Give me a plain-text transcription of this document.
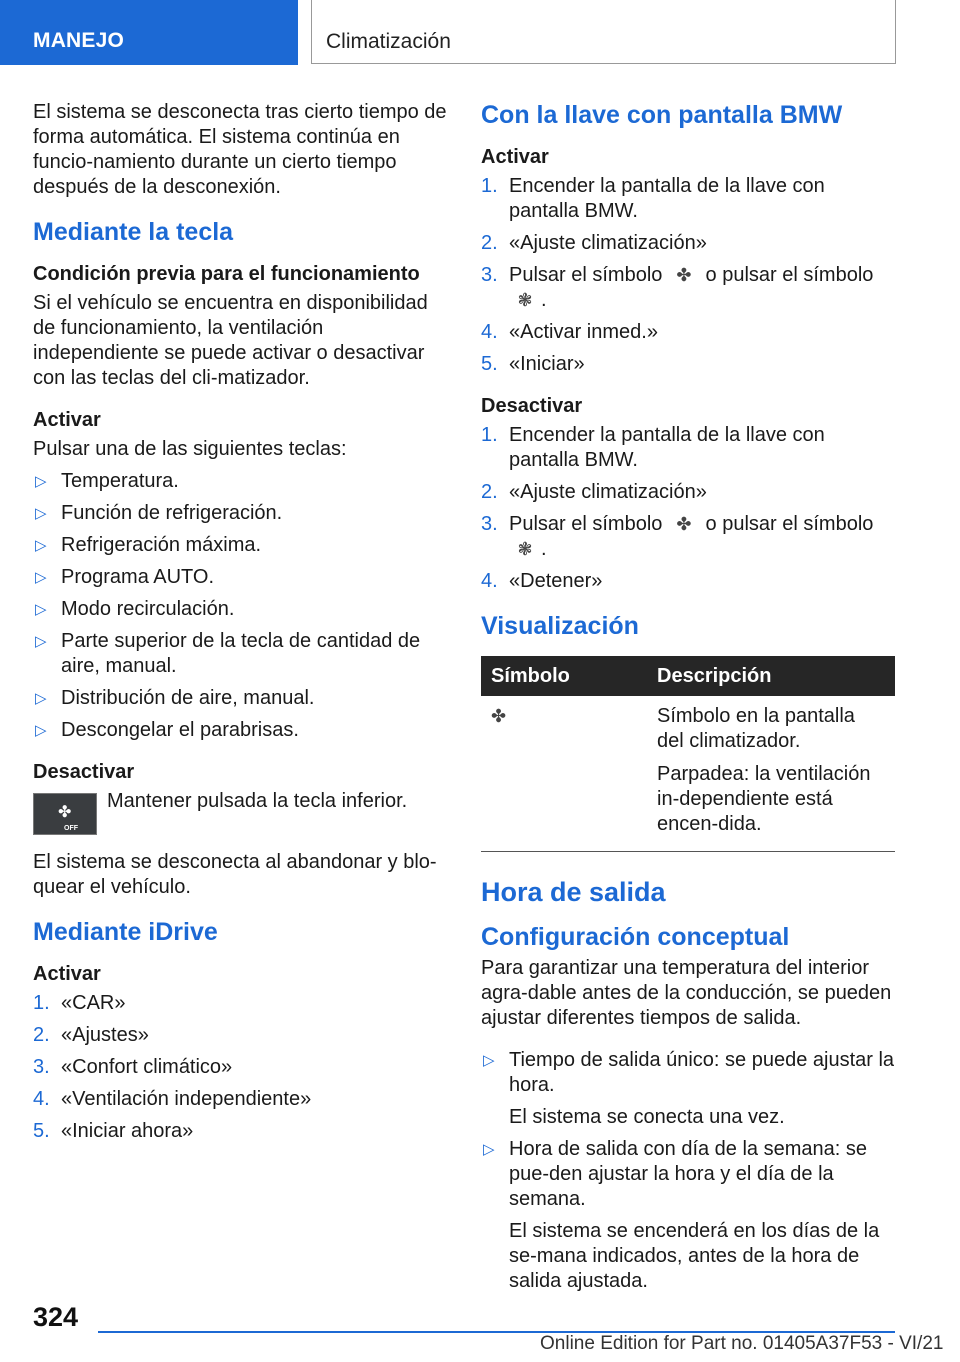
MANEJO	Climatización

El sistema se desconecta tras cierto tiempo de forma automática. El sistema continúa en funcio-namiento durante un cierto tiempo después de la desconexión.

Mediante la tecla
Condición previa para el funcionamiento

Si el vehículo se encuentra en disponibilidad de funcionamiento, la ventilación independiente se puede activar o desactivar con las teclas del cli-matizador.

Activar

Pulsar una de las siguientes teclas:

▷ Temperatura.
▷ Función de refrigeración.
▷ Refrigeración máxima.
▷ Programa AUTO.
▷ Modo recirculación.
▷ Parte superior de la tecla de cantidad de aire, manual.
▷ Distribución de aire, manual.
▷ Descongelar el parabrisas.
Desactivar
✤
OFF
Mantener pulsada la tecla inferior.

El sistema se desconecta al abandonar y blo-quear el vehículo.

Mediante iDrive
Activar
1. «CAR»
2. «Ajustes»
3. «Confort climático»
4. «Ventilación independiente»
5. «Iniciar ahora»
Con la llave con pantalla BMW
Activar
1. Encender la pantalla de la llave con pantalla BMW.
2. «Ajuste climatización»
3. Pulsar el símbolo ✤ o pulsar el símbolo ❃ .
4. «Activar inmed.»
5. «Iniciar»
Desactivar
1. Encender la pantalla de la llave con pantalla BMW.
2. «Ajuste climatización»
3. Pulsar el símbolo ✤ o pulsar el símbolo ❃ .
4. «Detener»
Visualización
Símbolo	Descripción
✤	Símbolo en la pantalla del climatizador.

Parpadea: la ventilación in-dependiente está encen-dida.

Hora de salida
Configuración conceptual

Para garantizar una temperatura del interior agra-dable antes de la conducción, se pueden ajustar diferentes tiempos de salida.

▷ Tiempo de salida único: se puede ajustar la hora.
El sistema se conecta una vez.
▷ Hora de salida con día de la semana: se pue-den ajustar la hora y el día de la semana.
El sistema se encenderá en los días de la se-mana indicados, antes de la hora de salida ajustada.
324
Online Edition for Part no. 01405A37F53 - VI/21
